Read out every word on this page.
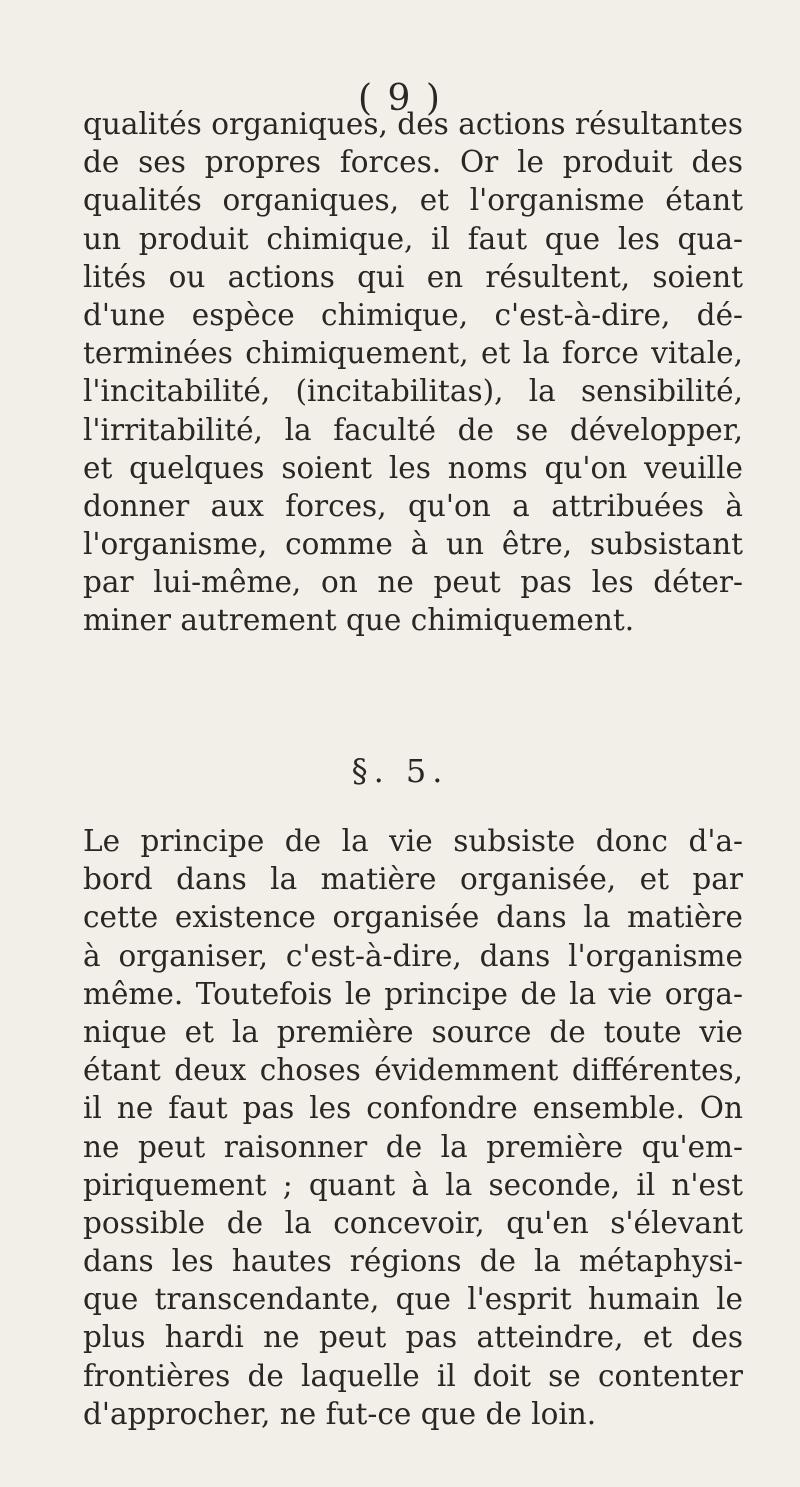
( 9 )
qualités organiques, des actions résultantes
de ses propres forces. Or le produit des
qualités organiques, et l'organisme étant
un produit chimique, il faut que les qua-
lités ou actions qui en résultent, soient
d'une espèce chimique, c'est-à-dire, dé-
terminées chimiquement, et la force vitale,
l'incitabilité, (incitabilitas), la sensibilité,
l'irritabilité, la faculté de se développer,
et quelques soient les noms qu'on veuille
donner aux forces, qu'on a attribuées à
l'organisme, comme à un être, subsistant
par lui-même, on ne peut pas les déter-
miner autrement que chimiquement.
§. 5.
Le principe de la vie subsiste donc d'a-
bord dans la matière organisée, et par
cette existence organisée dans la matière
à organiser, c'est-à-dire, dans l'organisme
même. Toutefois le principe de la vie orga-
nique et la première source de toute vie
étant deux choses évidemment différentes,
il ne faut pas les confondre ensemble. On
ne peut raisonner de la première qu'em-
piriquement ; quant à la seconde, il n'est
possible de la concevoir, qu'en s'élevant
dans les hautes régions de la métaphysi-
que transcendante, que l'esprit humain le
plus hardi ne peut pas atteindre, et des
frontières de laquelle il doit se contenter
d'approcher, ne fut-ce que de loin.
